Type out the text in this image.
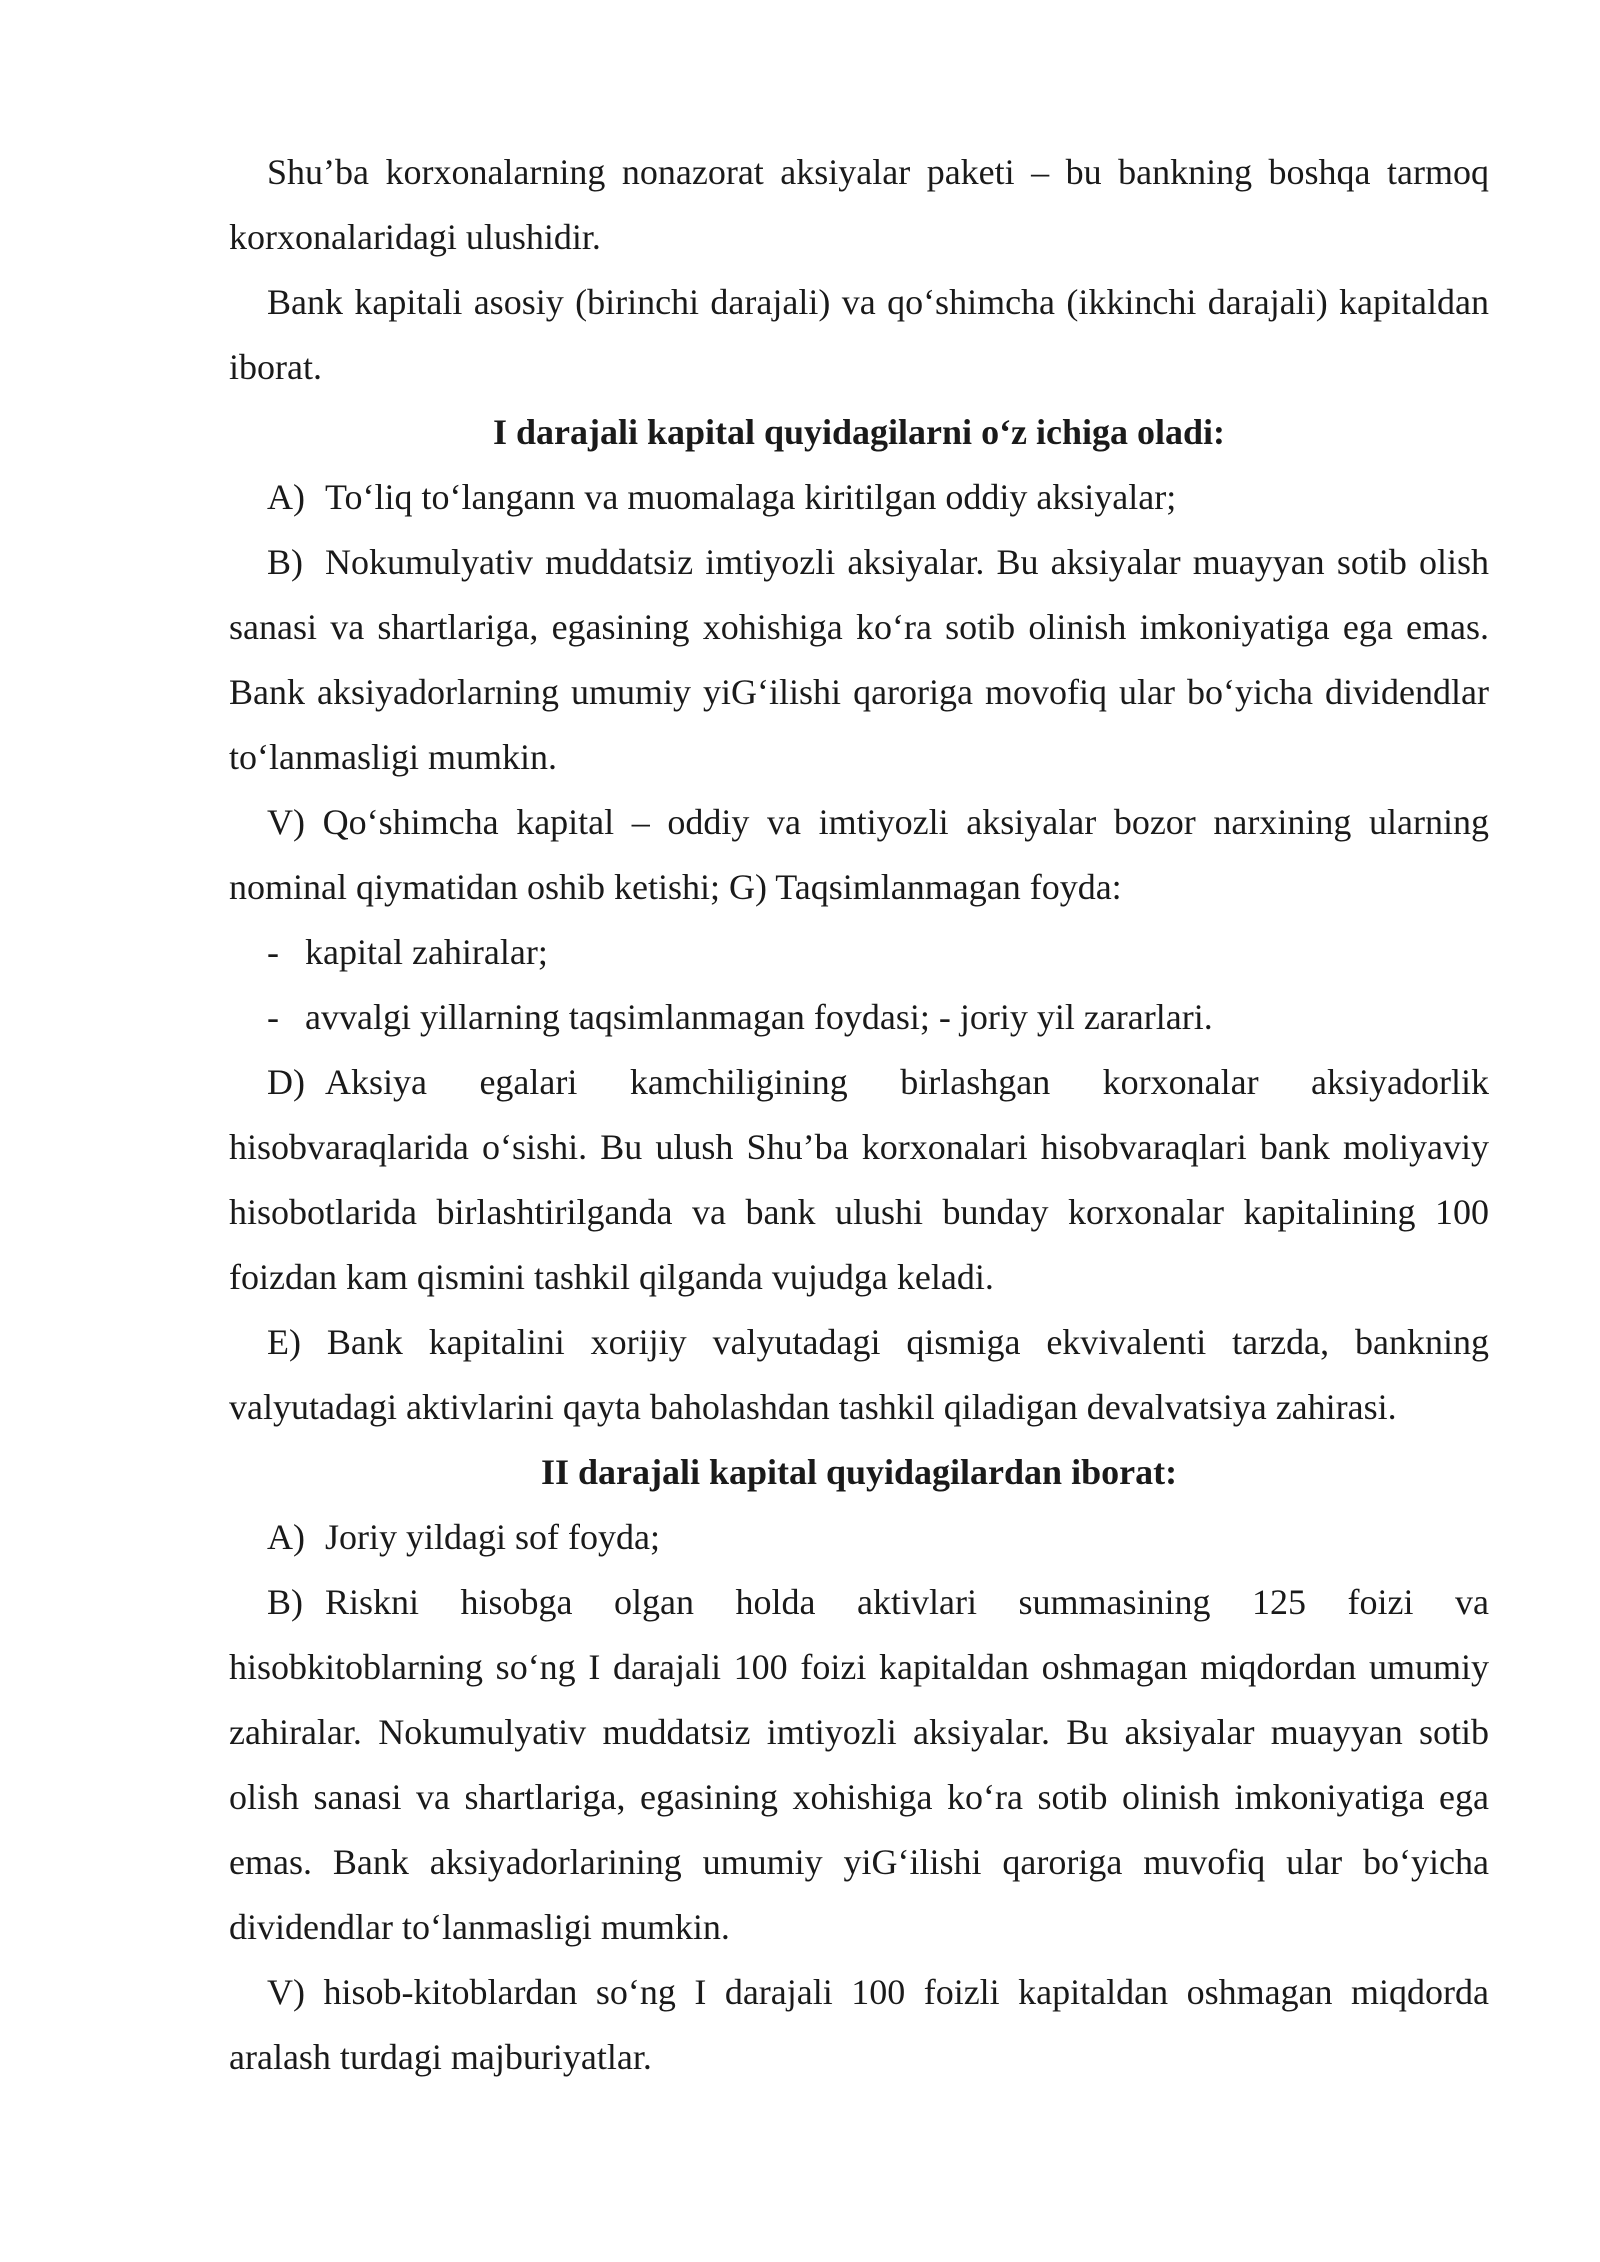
Shu’ba korxonalarning nonazorat aksiyalar paketi – bu bankning boshqa tarmoq korxonalaridagi ulushidir.

Bank kapitali asosiy (birinchi darajali) va qo‘shimcha (ikkinchi darajali) kapitaldan iborat.

I darajali kapital quyidagilarni o‘z ichiga oladi:

A) To‘liq to‘langann va muomalaga kiritilgan oddiy aksiyalar;

B) Nokumulyativ muddatsiz imtiyozli aksiyalar. Bu aksiyalar muayyan sotib olish sanasi va shartlariga, egasining xohishiga ko‘ra sotib olinish imkoniyatiga ega emas. Bank aksiyadorlarning umumiy yiG‘ilishi qaroriga movofiq ular bo‘yicha dividendlar to‘lanmasligi mumkin.

V) Qo‘shimcha kapital – oddiy va imtiyozli aksiyalar bozor narxining ularning nominal qiymatidan oshib ketishi; G) Taqsimlanmagan foyda:

- kapital zahiralar;
- avvalgi yillarning taqsimlanmagan foydasi; - joriy yil zararlari.

D) Aksiya egalari kamchiligining birlashgan korxonalar aksiyadorlik hisobvaraqlarida o‘sishi. Bu ulush Shu’ba korxonalari hisobvaraqlari bank moliyaviy hisobotlarida birlashtirilganda va bank ulushi bunday korxonalar kapitalining 100 foizdan kam qismini tashkil qilganda vujudga keladi.

E) Bank kapitalini xorijiy valyutadagi qismiga ekvivalenti tarzda, bankning valyutadagi aktivlarini qayta baholashdan tashkil qiladigan devalvatsiya zahirasi.

II darajali kapital quyidagilardan iborat:

A) Joriy yildagi sof foyda;

B) Riskni hisobga olgan holda aktivlari summasining 125 foizi va hisobkitoblarning so‘ng I darajali 100 foizi kapitaldan oshmagan miqdordan umumiy zahiralar. Nokumulyativ muddatsiz imtiyozli aksiyalar. Bu aksiyalar muayyan sotib olish sanasi va shartlariga, egasining xohishiga ko‘ra sotib olinish imkoniyatiga ega emas. Bank aksiyadorlarining umumiy yiG‘ilishi qaroriga muvofiq ular bo‘yicha dividendlar to‘lanmasligi mumkin.

V) hisob-kitoblardan so‘ng I darajali 100 foizli kapitaldan oshmagan miqdorda aralash turdagi majburiyatlar.
